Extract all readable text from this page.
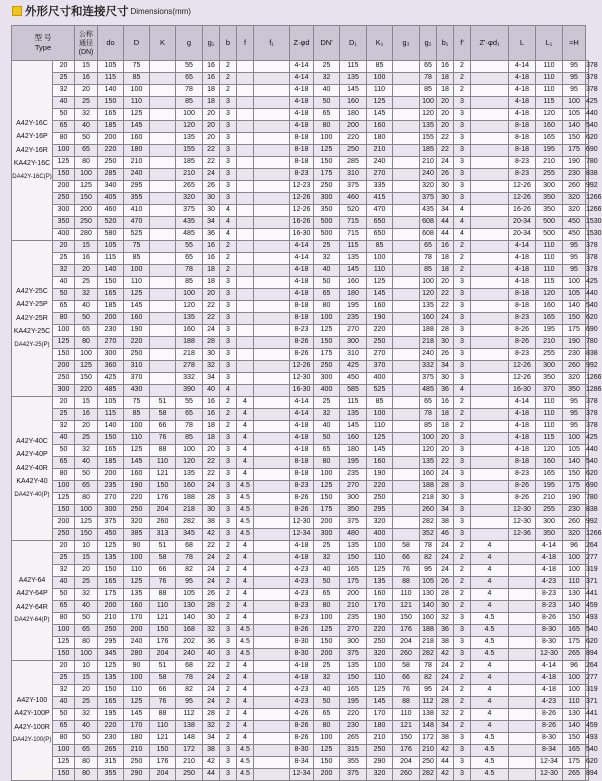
外形尺寸和连接尺寸 Dimensions(mm)
型 号
Type		公称
通径
(DN)	do	D	K	g	g₁	b	f	f₁	Z·φd	DN'	D₁	K₁	g₃	g₂	b₁	f'	Z'·φd₁	L	L₁	≈H	

A42Y-16C
A42Y-16P
A42Y-16R
KA42Y-16C
DA42Y-16C(P)	20	15	105	75		55	16	2			4-14	25	115	85		65	16	2		4-14	110	95	378
	25	16	115	85		65	16	2			4-14	32	135	100		78	18	2		4-18	110	95	378
	32	20	140	100		78	18	2			4-18	40	145	110		85	18	2		4-18	110	95	378
	40	25	150	110		85	18	3			4-18	50	160	125		100	20	3		4-18	115	100	425
	50	32	165	125		100	20	3			4-18	65	180	145		120	20	3		4-18	120	105	440
	65	40	185	145		120	20	3			4-18	80	200	160		135	20	3		8-18	160	140	540
	80	50	200	160		135	20	3			8-18	100	220	180		155	22	3		8-18	165	150	620
	100	65	220	180		155	22	3			8-18	125	250	210		185	22	3		8-18	195	175	690
	125	80	250	210		185	22	3			8-18	150	285	240		210	24	3		8-23	210	190	780
	150	100	285	240		210	24	3			8-23	175	310	270		240	26	3		8-23	255	230	838
	200	125	340	295		265	26	3			12-23	250	375	335		320	30	3		12-26	300	260	992
	250	150	405	355		320	30	3			12-26	300	460	415		375	30	3		12-26	350	320	1266
	300	200	460	410		375	30	4			12-26	350	520	470		435	34	4		16-26	350	320	1266
	350	250	520	470		435	34	4			16-26	500	715	650		608	44	4		20-34	500	450	1530
	400	280	580	525		485	36	4			16-30	500	715	650		608	44	4		20-34	500	450	1530

A42Y-25C
A42Y-25P
A42Y-25R
KA42Y-25C
DA42Y-25(P)	20	15	105	75		55	16	2			4-14	25	115	85		65	16	2		4-14	110	95	378
	25	16	115	85		65	16	2			4-14	32	135	100		78	18	2		4-18	110	95	378
	32	20	140	100		78	18	2			4-18	40	145	110		85	18	2		4-18	110	95	378
	40	25	150	110		85	18	3			4-18	50	160	125		100	20	3		4-18	115	100	425
	50	32	165	125		100	20	3			4-18	65	180	145		120	22	3		8-18	120	105	440
	65	40	185	145		120	22	3			8-18	80	195	160		135	22	3		8-18	160	140	540
	80	50	200	160		135	22	3			8-18	100	235	190		160	24	3		8-23	165	150	620
	100	65	230	190		160	24	3			8-23	125	270	220		188	28	3		8-26	195	175	690
	125	80	270	220		188	28	3			8-26	150	300	250		218	30	3		8-26	210	190	780
	150	100	300	250		218	30	3			8-26	175	310	270		240	26	3		8-23	255	230	838
	200	125	360	310		278	32	3			12-26	250	425	370		332	34	3		12-26	300	260	992
	250	150	425	370		332	34	3			12-30	300	450	400		375	30	3		12-26	350	320	1266
	300	220	485	430		390	40	4			16-30	400	585	525		485	36	4		16-30	370	350	1286

A42Y-40C
A42Y-40P
A42Y-40R
KA42Y-40
DA42Y-40(P)	20	15	105	75	51	55	16	2	4		4-14	25	115	85		65	16	2		4-14	110	95	378
	25	16	115	85	58	65	16	2	4		4-14	32	135	100		78	18	2		4-18	110	95	378
	32	20	140	100	66	78	18	2	4		4-18	40	145	110		85	18	2		4-18	110	95	378
	40	25	150	110	76	85	18	3	4		4-18	50	160	125		100	20	3		4-18	115	100	425
	50	32	165	125	88	100	20	3	4		4-18	65	180	145		120	20	3		4-18	120	105	440
	65	40	185	145	110	120	22	3	4		8-18	80	195	160		135	22	3		8-18	160	140	540
	80	50	200	160	121	135	22	3	4		8-18	100	235	190		160	24	3		8-23	165	150	620
	100	65	235	190	150	160	24	3	4.5		8-23	125	270	220		188	28	3		8-26	195	175	690
	125	80	270	220	176	188	28	3	4.5		8-26	150	300	250		218	30	3		8-26	210	190	780
	150	100	300	250	204	218	30	3	4.5		8-26	175	350	295		260	34	3		12-30	255	230	838
	200	125	375	320	260	282	38	3	4.5		12-30	200	375	320		282	38	3		12-30	300	260	992
	250	150	450	385	313	345	42	3	4.5		12-34	300	480	400		352	46	3		12-36	350	320	1266

A42Y-64
A42Y-64P
A42Y-64R
DA42Y-64(P)	20	10	125	90	51	68	22	2	4		4-18	25	135	100	58	78	24	2	4		4-14	96	264
	25	15	135	100	58	78	24	2	4		4-18	32	150	110	66	82	24	2	4		4-18	100	277
	32	20	150	110	66	82	24	2	4		4-23	40	165	125	76	95	24	2	4		4-18	100	319
	40	25	165	125	76	95	24	2	4		4-23	50	175	135	88	105	26	2	4		4-23	110	371
	50	32	175	135	88	105	26	2	4		4-23	65	200	160	110	130	28	2	4		8-23	130	441
	65	40	200	160	110	130	28	2	4		8-23	80	210	170	121	140	30	2	4		8-23	140	459
	80	50	210	170	121	140	30	2	4		8-23	100	235	190	150	160	32	3	4.5		8-26	150	493
	100	65	250	200	150	168	32	3	4.5		8-26	125	270	220	176	188	36	3	4.5		8-30	165	540
	125	80	295	240	176	202	36	3	4.5		8-30	150	300	250	204	218	38	3	4.5		8-30	175	620
	150	100	345	280	204	240	40	3	4.5		8-30	200	375	320	260	282	42	3	4.5		12-30	265	894

A42Y-100
A42Y-100P
A42Y-100R
DA42Y-100(P)	20	10	125	90	51	68	22	2	4		4-18	25	135	100	58	78	24	2	4		4-14	96	264
	25	15	135	100	58	78	24	2	4		4-18	32	150	110	66	82	24	2	4		4-18	100	277
	32	20	150	110	66	82	24	2	4		4-23	40	165	125	76	95	24	2	4		4-18	100	319
	40	25	165	125	76	95	24	2	4		4-23	50	195	145	88	112	28	2	4		4-23	110	371
	50	32	195	145	88	112	28	2	4		4-26	65	220	170	110	138	32	2	4		8-26	130	441
	65	40	220	170	110	138	32	2	4		8-26	80	230	180	121	148	34	2	4		8-26	140	459
	80	50	230	180	121	148	34	2	4		8-26	100	265	210	150	172	38	3	4.5		8-30	150	493
	100	65	265	210	150	172	38	3	4.5		8-30	125	315	250	176	210	42	3	4.5		8-34	165	540
	125	80	315	250	176	210	42	3	4.5		8-34	150	355	290	204	250	44	3	4.5		12-34	175	620
	150	80	355	290	204	250	44	3	4.5		12-34	200	375	320	260	282	42	3	4.5		12-30	265	894
